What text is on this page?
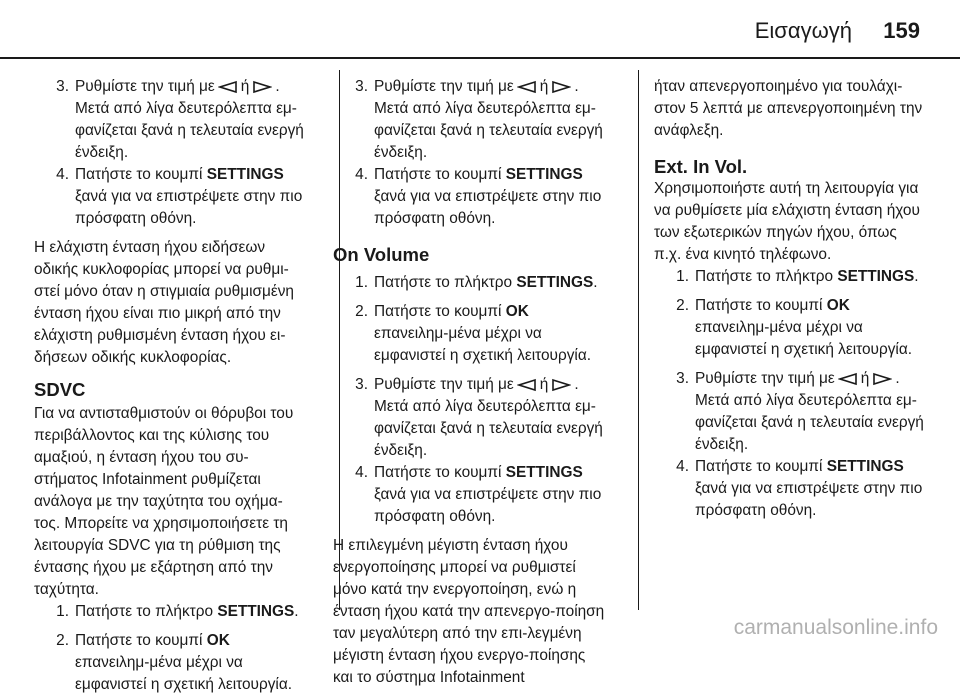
Εισαγωγή 159
3. Ρυθμίστε την τιμή με ή .

Μετά από λίγα δευτερόλεπτα εμ-φανίζεται ξανά η τελευταία ενεργή ένδειξη.

4. Πατήστε το κουμπί SETTINGS
ξανά για να επιστρέψετε στην πιο πρόσφατη οθόνη.

Η ελάχιστη ένταση ήχου ειδήσεων οδικής κυκλοφορίας μπορεί να ρυθμι-στεί μόνο όταν η στιγμιαία ρυθμισμένη ένταση ήχου είναι πιο μικρή από την ελάχιστη ρυθμισμένη ένταση ήχου ει-δήσεων οδικής κυκλοφορίας.

SDVC

Για να αντισταθμιστούν οι θόρυβοι του περιβάλλοντος και της κύλισης του αμαξιού, η ένταση ήχου του συ-στήματος Infotainment ρυθμίζεται ανάλογα με την ταχύτητα του οχήμα-τος. Μπορείτε να χρησιμοποιήσετε τη λειτουργία SDVC για τη ρύθμιση της έντασης ήχου με εξάρτηση από την ταχύτητα.

1. Πατήστε το πλήκτρο SETTINGS.
2. Πατήστε το κουμπί OK επανειλημ-μένα μέχρι να εμφανιστεί η σχετική λειτουργία.
3. Ρυθμίστε την τιμή με ή .

Μετά από λίγα δευτερόλεπτα εμ-φανίζεται ξανά η τελευταία ενεργή ένδειξη.

4. Πατήστε το κουμπί SETTINGS
ξανά για να επιστρέψετε στην πιο πρόσφατη οθόνη.
On Volume
1. Πατήστε το πλήκτρο SETTINGS.
2. Πατήστε το κουμπί OK επανειλημ-μένα μέχρι να εμφανιστεί η σχετική λειτουργία.
3. Ρυθμίστε την τιμή με ή .

Μετά από λίγα δευτερόλεπτα εμ-φανίζεται ξανά η τελευταία ενεργή ένδειξη.

4. Πατήστε το κουμπί SETTINGS
ξανά για να επιστρέψετε στην πιο πρόσφατη οθόνη.

Η επιλεγμένη μέγιστη ένταση ήχου ενεργοποίησης μπορεί να ρυθμιστεί μόνο κατά την ενεργοποίηση, ενώ η ένταση ήχου κατά την απενεργο-ποίηση ταν μεγαλύτερη από την επι-λεγμένη μέγιστη ένταση ήχου ενεργο-ποίησης και το σύστημα Infotainment

ήταν απενεργοποιημένο για τουλάχι-στον 5 λεπτά με απενεργοποιημένη την ανάφλεξη.

Ext. In Vol.

Χρησιμοποιήστε αυτή τη λειτουργία για να ρυθμίσετε μία ελάχιστη ένταση ήχου των εξωτερικών πηγών ήχου, όπως π.χ. ένα κινητό τηλέφωνο.

1. Πατήστε το πλήκτρο SETTINGS.
2. Πατήστε το κουμπί OK επανειλημ-μένα μέχρι να εμφανιστεί η σχετική λειτουργία.
3. Ρυθμίστε την τιμή με ή .

Μετά από λίγα δευτερόλεπτα εμ-φανίζεται ξανά η τελευταία ενεργή ένδειξη.

4. Πατήστε το κουμπί SETTINGS
ξανά για να επιστρέψετε στην πιο πρόσφατη οθόνη.
carmanualsonline.info
